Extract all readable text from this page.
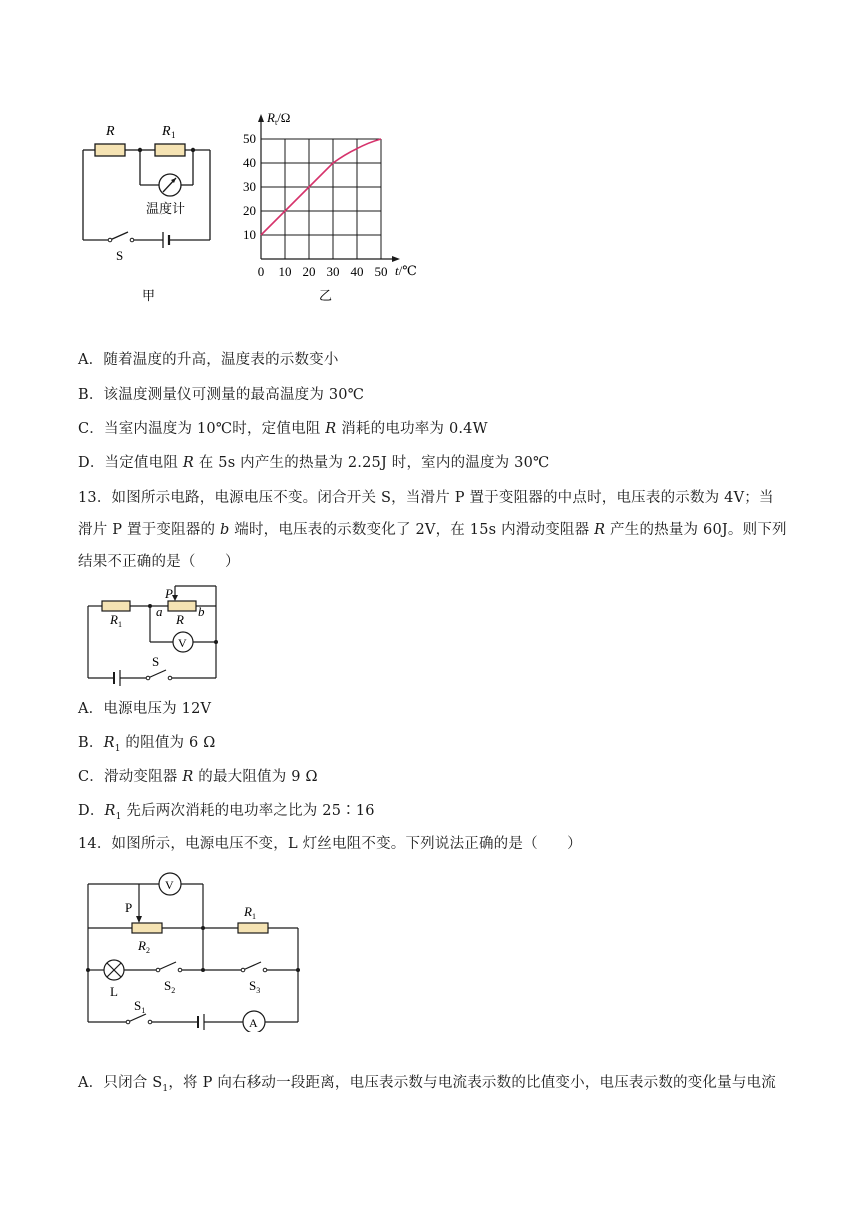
R	R 1
温度计
S
甲
10
20
30
40
50
0 10 20 30 40 50
$R_t/\Omega$
t/℃
乙
A．随着温度的升高，温度表的示数变小
B．该温度测量仪可测量的最高温度为 30℃
C．当室内温度为 10℃时，定值电阻 R 消耗的电功率为 0.4W
D．当定值电阻 R 在 5s 内产生的热量为 2.25J 时，室内的温度为 30℃
13．如图所示电路，电源电压不变。闭合开关 S，当滑片 P 置于变阻器的中点时，电压表的示数为 4V；当
滑片 P 置于变阻器的 b 端时，电压表的示数变化了 2V，在 15s 内滑动变阻器 R 产生的热量为 60J。则下列
结果不正确的是（　　）
$R_1$
P
a
R
b
V
S
A．电源电压为 12V
B．$R_1$ 的阻值为 6 Ω
C．滑动变阻器 R 的最大阻值为 9 Ω
D．$R_1$ 先后两次消耗的电功率之比为 25∶16
14．如图所示，电源电压不变，L 灯丝电阻不变。下列说法正确的是（　　）
V
P
$R_2$
$R_1$
L	$S_2$	$S_3$
$S_1$
A
A．只闭合 $S_1$，将 P 向右移动一段距离，电压表示数与电流表示数的比值变小，电压表示数的变化量与电流
